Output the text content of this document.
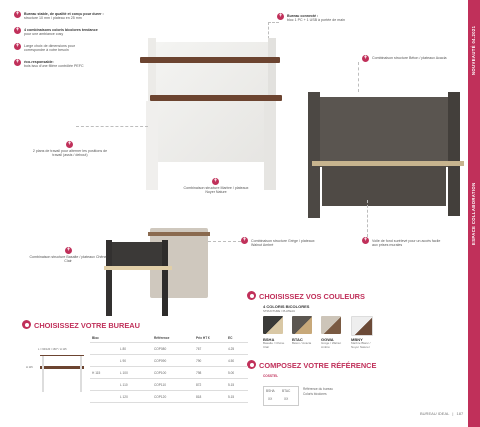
NOUVEAUTÉ 04.2021
ESPACE COLLABORATION
+	Bureau stable, de qualité et conçu pour durer :
structure 10 mm / plateau en 25 mm
+	4 combinaisons coloris bicolores tendance
pour une ambiance cosy
+	Large choix de dimensions pour correspondre à votre besoin
+	éco-responsable:
bois issu d'une filière contrôlée PEFC
+	Bureau connecté :
bloc 1 PC + 1 USB à portée de main
+	Combinaison structure Béton / plateaux Acacia
+
2 plans de travail pour alterner les positions de travail (assis / debout)
+
Combinaison structure Marbre / plateaux Noyer Nature
+	Combinaison structure Grège / plateaux Walnut Ambré
+	Voile de fond surélevé pour un accès facile aux prises murales
+
Combinaison structure Basalte / plateaux Chêne Clair
CHOISISSEZ VOS COULEURS
4 COLORIS BICOLORES
STRUCTURE / PLATEAU
BSHA
Basalte / Chêne Clair
BTAC
Béton / Acacia
GGWA
Grège / Walnut Ambré
MBNY
Marbre Blanc / Noyer Naturel
COMPOSEZ VOTRE RÉFÉRENCE
COSSTEL
BSHA BTAC
XX	XX
Référence du bureau
Coloris bicolores
CHOISISSEZ VOTRE BUREAU
L = 90/120 / 160* / H 115
H 115
Bloc		Référence	Prix HT €	EC
	L 80	COP080	767	4.25
	L 90	COP090	790	4.50
H 115	L 100	COP100	798	5.00
	L 110	COP110	872	5.15
	L 120	COP120	818	5.15
BUREAU IDEAL | 187
